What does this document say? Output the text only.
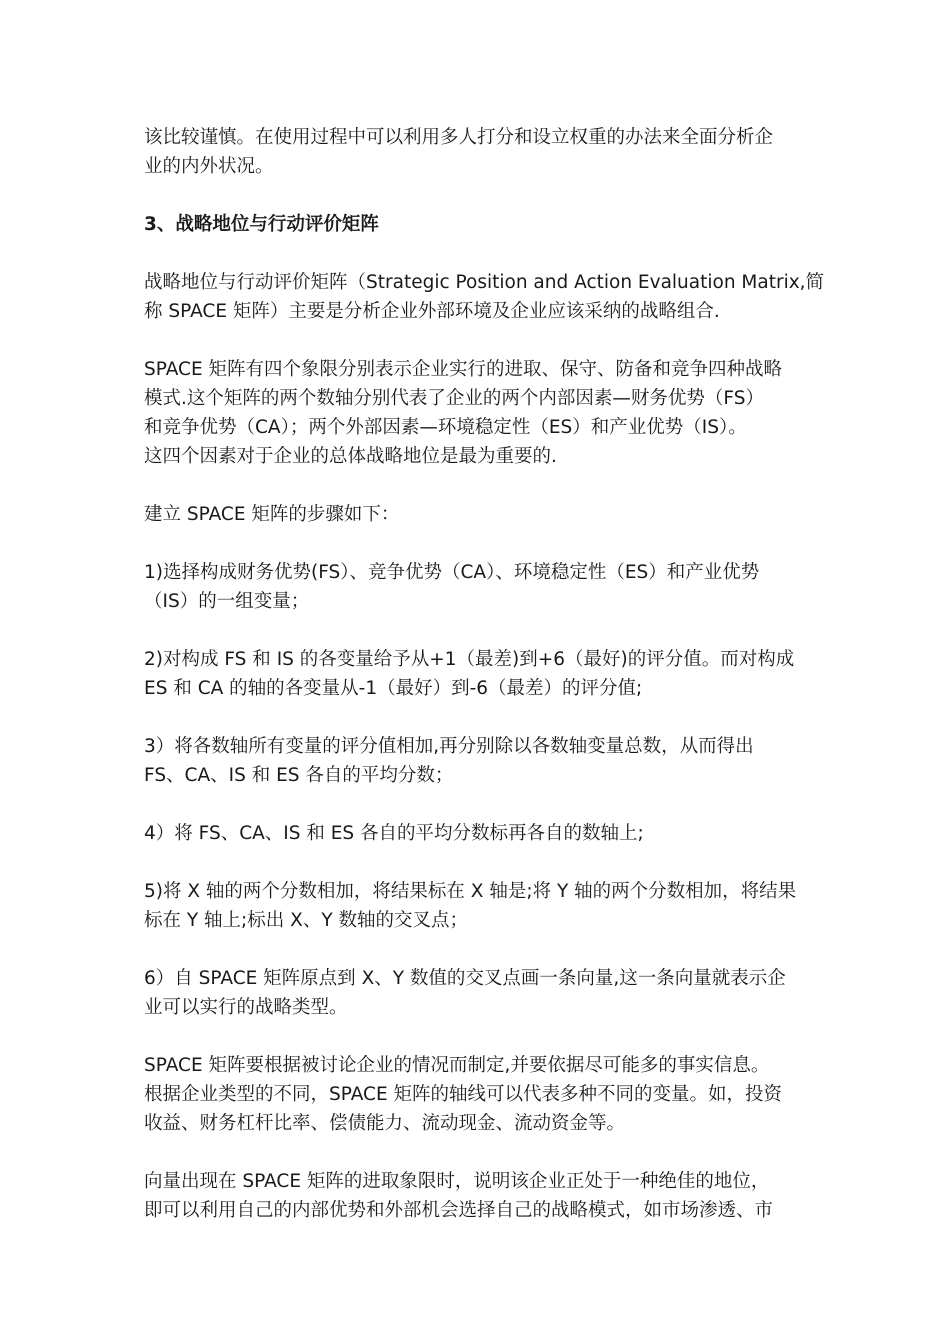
该比较谨慎。在使用过程中可以利用多人打分和设立权重的办法来全面分析企
业的内外状况。
3、战略地位与行动评价矩阵
战略地位与行动评价矩阵（Strategic Position and Action Evaluation Matrix,简
称 SPACE 矩阵）主要是分析企业外部环境及企业应该采纳的战略组合.
SPACE 矩阵有四个象限分别表示企业实行的进取、保守、防备和竞争四种战略
模式.这个矩阵的两个数轴分别代表了企业的两个内部因素—财务优势（FS）
和竞争优势（CA）；两个外部因素—环境稳定性（ES）和产业优势（IS）。
这四个因素对于企业的总体战略地位是最为重要的.
建立 SPACE 矩阵的步骤如下：
1)选择构成财务优势(FS）、竞争优势（CA）、环境稳定性（ES）和产业优势
（IS）的一组变量；
2)对构成 FS 和 IS 的各变量给予从+1（最差)到+6（最好)的评分值。而对构成
ES 和 CA 的轴的各变量从-1（最好）到-6（最差）的评分值;
3）将各数轴所有变量的评分值相加,再分别除以各数轴变量总数，从而得出
FS、CA、IS 和 ES 各自的平均分数；
4）将 FS、CA、IS 和 ES 各自的平均分数标再各自的数轴上;
5)将 X 轴的两个分数相加，将结果标在 X 轴是;将 Y 轴的两个分数相加，将结果
标在 Y 轴上;标出 X、Y 数轴的交叉点；
6）自 SPACE 矩阵原点到 X、Y 数值的交叉点画一条向量,这一条向量就表示企
业可以实行的战略类型。
SPACE 矩阵要根据被讨论企业的情况而制定,并要依据尽可能多的事实信息。
根据企业类型的不同，SPACE 矩阵的轴线可以代表多种不同的变量。如，投资
收益、财务杠杆比率、偿债能力、流动现金、流动资金等。
向量出现在 SPACE 矩阵的进取象限时，说明该企业正处于一种绝佳的地位，
即可以利用自己的内部优势和外部机会选择自己的战略模式，如市场渗透、市
